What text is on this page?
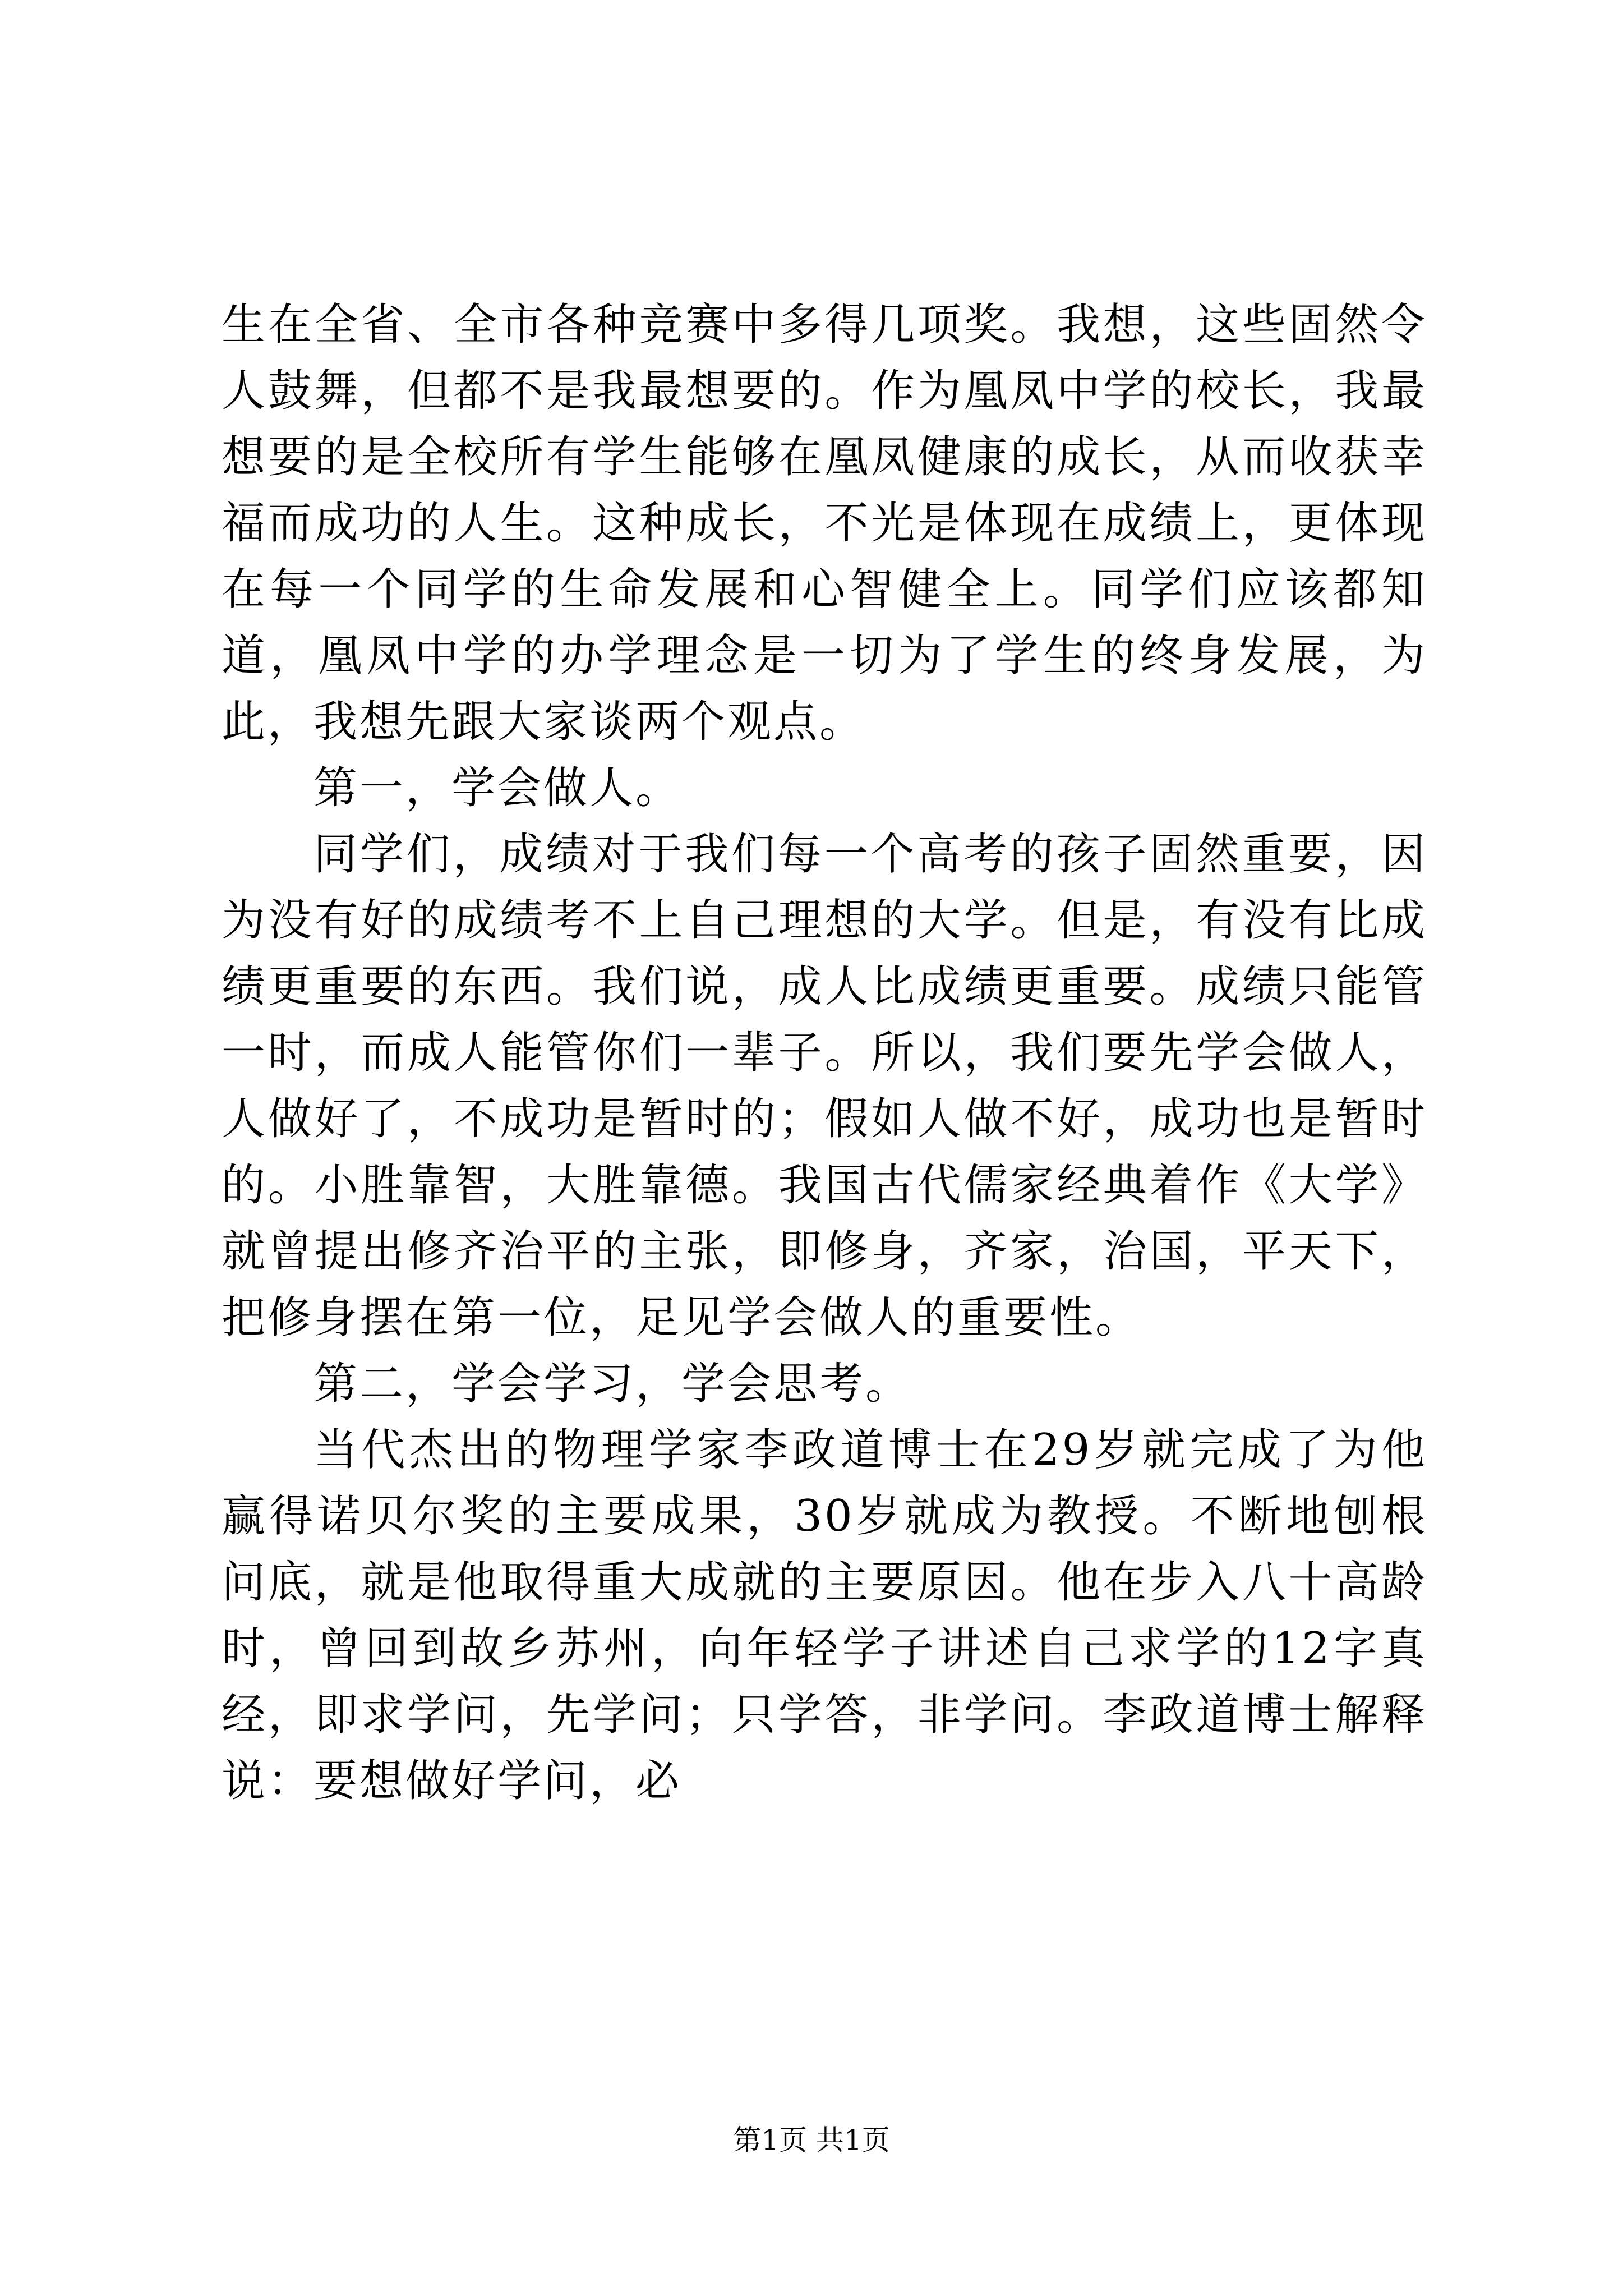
生在全省、全市各种竞赛中多得几项奖。我想，这些固然令人鼓舞，但都不是我最想要的。作为凰凤中学的校长，我最想要的是全校所有学生能够在凰凤健康的成长，从而收获幸福而成功的人生。这种成长，不光是体现在成绩上，更体现在每一个同学的生命发展和心智健全上。同学们应该都知道，凰凤中学的办学理念是一切为了学生的终身发展，为此，我想先跟大家谈两个观点。

第一，学会做人。

同学们，成绩对于我们每一个高考的孩子固然重要，因为没有好的成绩考不上自己理想的大学。但是，有没有比成绩更重要的东西。我们说，成人比成绩更重要。成绩只能管一时，而成人能管你们一辈子。所以，我们要先学会做人，人做好了，不成功是暂时的；假如人做不好，成功也是暂时的。小胜靠智，大胜靠德。我国古代儒家经典着作《大学》就曾提出修齐治平的主张，即修身，齐家，治国，平天下，把修身摆在第一位，足见学会做人的重要性。

第二，学会学习，学会思考。

当代杰出的物理学家李政道博士在29岁就完成了为他赢得诺贝尔奖的主要成果，30岁就成为教授。不断地刨根问底，就是他取得重大成就的主要原因。他在步入八十高龄时，曾回到故乡苏州，向年轻学子讲述自己求学的12字真经，即求学问，先学问；只学答，非学问。李政道博士解释说：要想做好学问，必

第1页 共1页
